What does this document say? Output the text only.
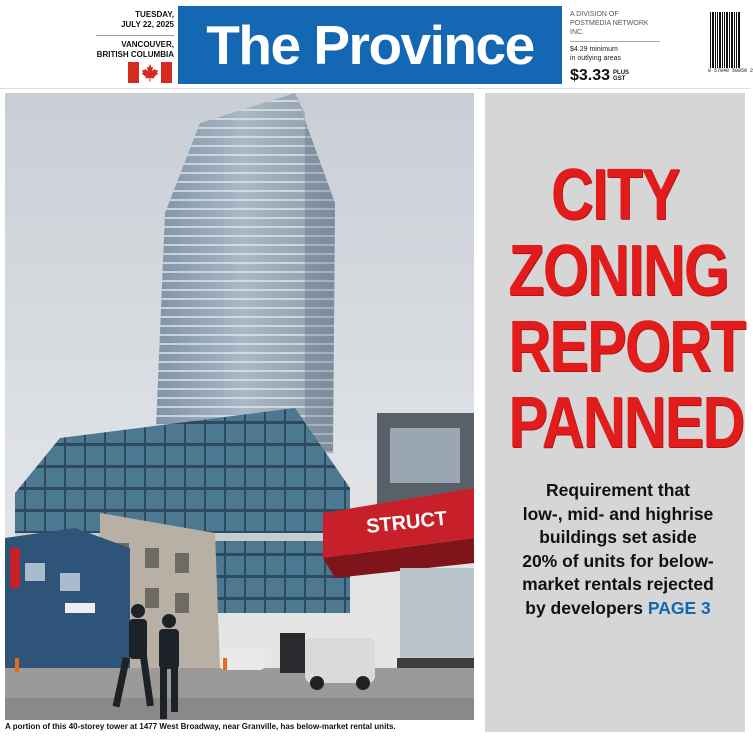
TUESDAY,
JULY 22, 2025
VANCOUVER,
BRITISH COLUMBIA The Province	A DIVISION OF
POSTMEDIA NETWORK INC.
$4.29 minimum
in outlying areas
$3.33 PLUS
GST
0 57040 50050 2
STRUCT
A portion of this 40-storey tower at 1477 West Broadway, near Granville, has below-market rental units.
CITY
ZONING
REPORT
PANNED
Requirement that
low-, mid- and highrise
buildings set aside
20% of units for below-
market rentals rejected
by developers PAGE 3
